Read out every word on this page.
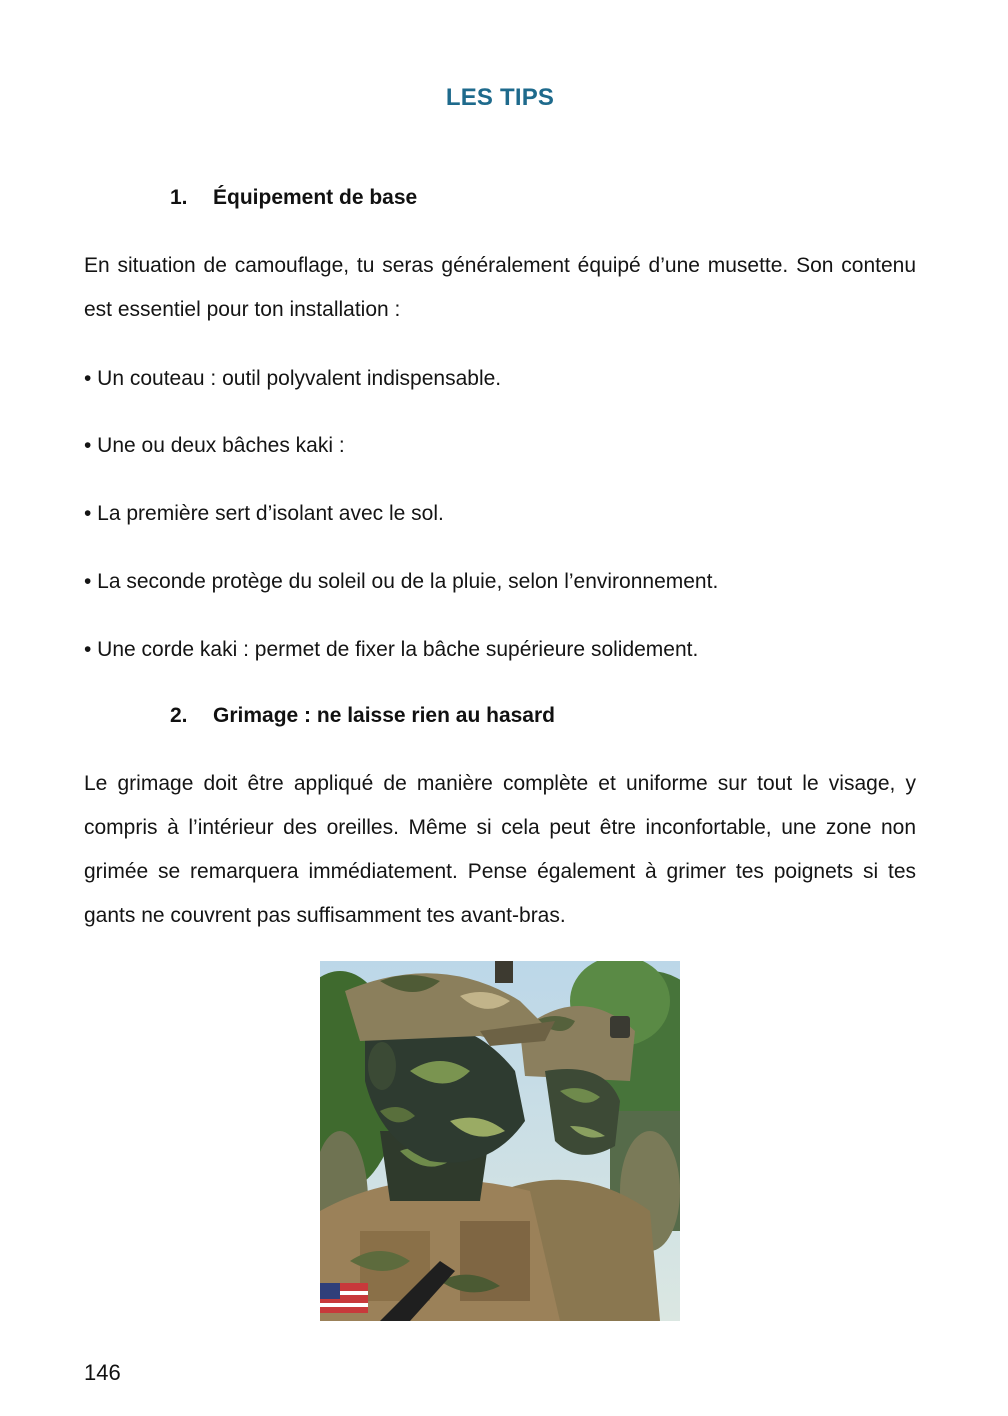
LES TIPS
1. Équipement de base

En situation de camouflage, tu seras généralement équipé d’une musette. Son contenu est essentiel pour ton installation :

• Un couteau : outil polyvalent indispensable.
• Une ou deux bâches kaki :
• La première sert d’isolant avec le sol.
• La seconde protège du soleil ou de la pluie, selon l’environnement.
• Une corde kaki : permet de fixer la bâche supérieure solidement.
2. Grimage : ne laisse rien au hasard

Le grimage doit être appliqué de manière complète et uniforme sur tout le visage, y compris à l’intérieur des oreilles. Même si cela peut être inconfortable, une zone non grimée se remarquera immédiatement. Pense également à grimer tes poignets si tes gants ne couvrent pas suffisamment tes avant-bras.

146
